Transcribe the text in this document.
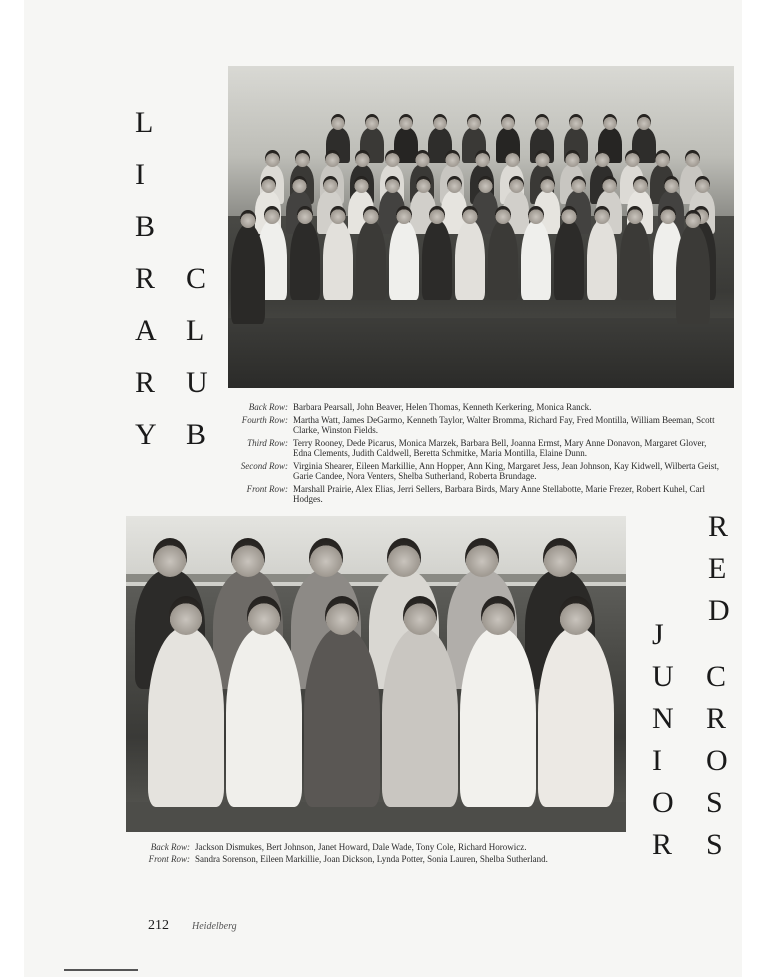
L
I
B
R
A
R
Y
C
L
U
B
Back Row: Barbara Pearsall, John Beaver, Helen Thomas, Kenneth Kerkering, Monica Ranck.
Fourth Row: Martha Watt, James DeGarmo, Kenneth Taylor, Walter Bromma, Richard Fay, Fred Montilla, William Beeman, Scott Clarke, Winston Fields.
Third Row: Terry Rooney, Dede Picarus, Monica Marzek, Barbara Bell, Joanna Ermst, Mary Anne Donavon, Margaret Glover, Edna Clements, Judith Caldwell, Beretta Schmitke, Maria Montilla, Elaine Dunn.
Second Row: Virginia Shearer, Eileen Markillie, Ann Hopper, Ann King, Margaret Jess, Jean Johnson, Kay Kidwell, Wilberta Geist, Garie Candee, Nora Venters, Shelba Sutherland, Roberta Brundage.
Front Row: Marshall Prairie, Alex Elias, Jerri Sellers, Barbara Birds, Mary Anne Stellabotte, Marie Frezer, Robert Kuhel, Carl Hodges.
R
E
D
J
U
N
I
O
R
C
R
O
S
S
Back Row: Jackson Dismukes, Bert Johnson, Janet Howard, Dale Wade, Tony Cole, Richard Horowicz.
Front Row: Sandra Sorenson, Eileen Markillie, Joan Dickson, Lynda Potter, Sonia Lauren, Shelba Sutherland.
212 Heidelberg
